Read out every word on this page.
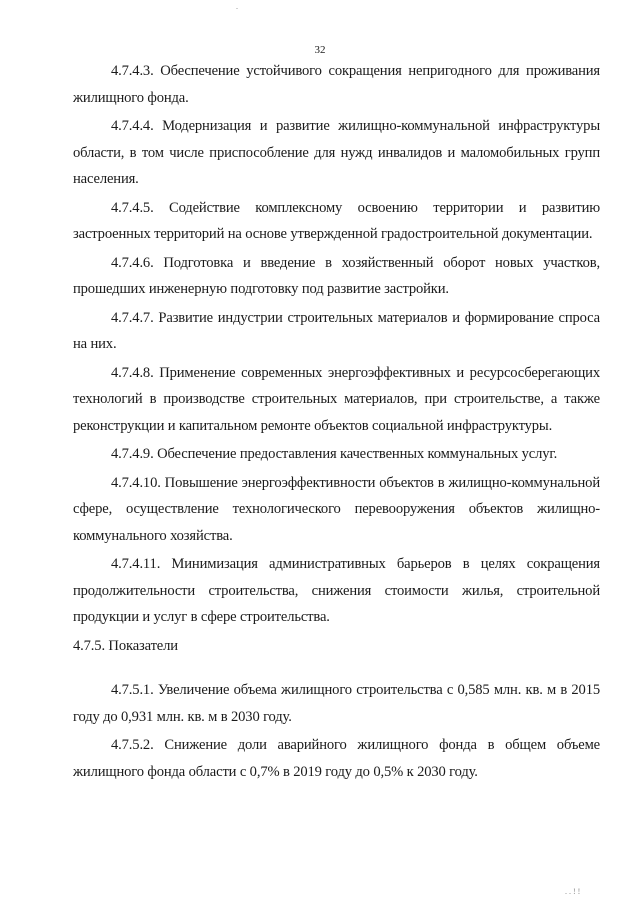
.
32

4.7.4.3. Обеспечение устойчивого сокращения непригодного для проживания жилищного фонда.

4.7.4.4. Модернизация и развитие жилищно-коммунальной инфраструктуры области, в том числе приспособление для нужд инвалидов и маломобильных групп населения.

4.7.4.5. Содействие комплексному освоению территории и развитию застроенных территорий на основе утвержденной градостроительной документации.

4.7.4.6. Подготовка и введение в хозяйственный оборот новых участков, прошедших инженерную подготовку под развитие застройки.

4.7.4.7. Развитие индустрии строительных материалов и формирование спроса на них.

4.7.4.8. Применение современных энергоэффективных и ресурсосберегающих технологий в производстве строительных материалов, при строительстве, а также реконструкции и капитальном ремонте объектов социальной инфраструктуры.

4.7.4.9. Обеспечение предоставления качественных коммунальных услуг.

4.7.4.10. Повышение энергоэффективности объектов в жилищно-коммунальной сфере, осуществление технологического перевооружения объектов жилищно-коммунального хозяйства.

4.7.4.11. Минимизация административных барьеров в целях сокращения продолжительности строительства, снижения стоимости жилья, строительной продукции и услуг в сфере строительства.

4.7.5. Показатели

4.7.5.1. Увеличение объема жилищного строительства с 0,585 млн. кв. м в 2015 году до 0,931 млн. кв. м в 2030 году.

4.7.5.2. Снижение доли аварийного жилищного фонда в общем объеме жилищного фонда области с 0,7% в 2019 году до 0,5% к 2030 году.

. . ! !
